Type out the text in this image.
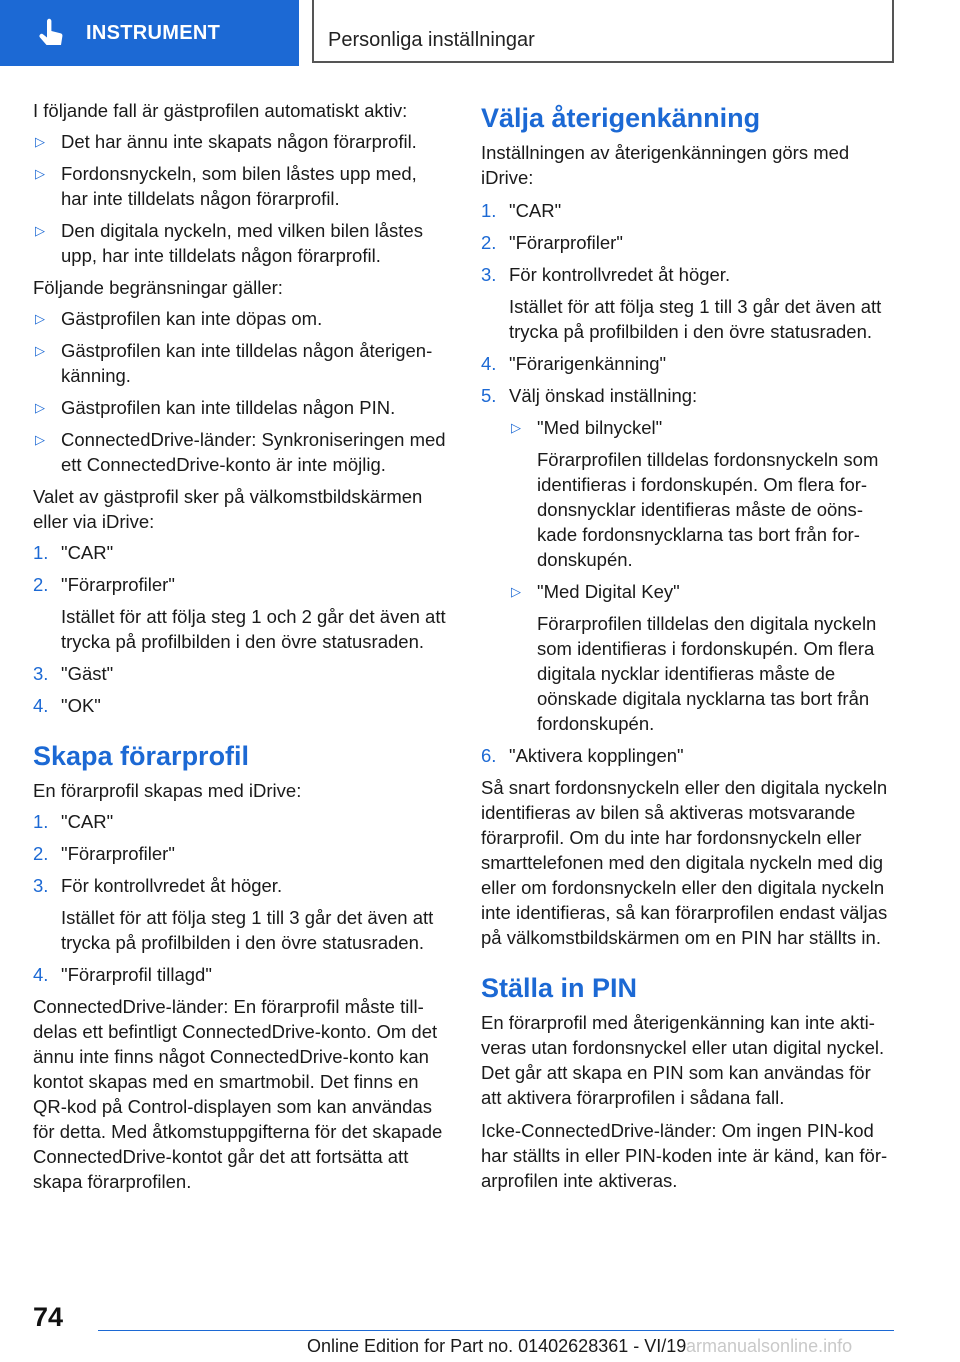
INSTRUMENT	Personliga inställningar

I följande fall är gästprofilen automatiskt aktiv:

▷ Det har ännu inte skapats någon förarprofil.
▷ Fordonsnyckeln, som bilen låstes upp med, har inte tilldelats någon förarprofil.
▷ Den digitala nyckeln, med vilken bilen låstes upp, har inte tilldelats någon förarprofil.

Följande begränsningar gäller:

▷ Gästprofilen kan inte döpas om.
▷ Gästprofilen kan inte tilldelas någon återigenkänning.
▷ Gästprofilen kan inte tilldelas någon PIN.
▷ ConnectedDrive-länder: Synkroniseringen med ett ConnectedDrive-konto är inte möjlig.

Valet av gästprofil sker på välkomstbildskärmen eller via iDrive:

1. "CAR"
2. "Förarprofiler"
Istället för att följa steg 1 och 2 går det även att trycka på profilbilden i den övre statusraden.
3. "Gäst"
4. "OK"
Skapa förarprofil

En förarprofil skapas med iDrive:

1. "CAR"
2. "Förarprofiler"
3. För kontrollvredet åt höger.
Istället för att följa steg 1 till 3 går det även att trycka på profilbilden i den övre statusraden.
4. "Förarprofil tillagd"

ConnectedDrive-länder: En förarprofil måste tilldelas ett befintligt ConnectedDrive-konto. Om det ännu inte finns något ConnectedDrive-konto kan kontot skapas med en smartmobil. Det finns en QR-kod på Control-displayen som kan användas för detta. Med åtkomstuppgifterna för det skapade ConnectedDrive-kontot går det att fortsätta att skapa förarprofilen.

Välja återigenkänning

Inställningen av återigenkänningen görs med iDrive:

1. "CAR"
2. "Förarprofiler"
3. För kontrollvredet åt höger.
Istället för att följa steg 1 till 3 går det även att trycka på profilbilden i den övre statusraden.
4. "Förarigenkänning"
5. Välj önskad inställning:
▷ "Med bilnyckel"
Förarprofilen tilldelas fordonsnyckeln som identifieras i fordonskupén. Om flera fordonsnycklar identifieras måste de oönskade fordonsnycklarna tas bort från fordonskupén.
▷ "Med Digital Key"
Förarprofilen tilldelas den digitala nyckeln som identifieras i fordonskupén. Om flera digitala nycklar identifieras måste de oönskade digitala nycklarna tas bort från fordonskupén.
6. "Aktivera kopplingen"

Så snart fordonsnyckeln eller den digitala nyckeln identifieras av bilen så aktiveras motsvarande förarprofil. Om du inte har fordonsnyckeln eller smarttelefonen med den digitala nyckeln med dig eller om fordonsnyckeln eller den digitala nyckeln inte identifieras, så kan förarprofilen endast väljas på välkomstbildskärmen om en PIN har ställts in.

Ställa in PIN

En förarprofil med återigenkänning kan inte aktiveras utan fordonsnyckel eller utan digital nyckel. Det går att skapa en PIN som kan användas för att aktivera förarprofilen i sådana fall.

Icke-ConnectedDrive-länder: Om ingen PIN-kod har ställts in eller PIN-koden inte är känd, kan förarprofilen inte aktiveras.

74
Online Edition for Part no. 01402628361 - VI/19 armanualsonline.info
